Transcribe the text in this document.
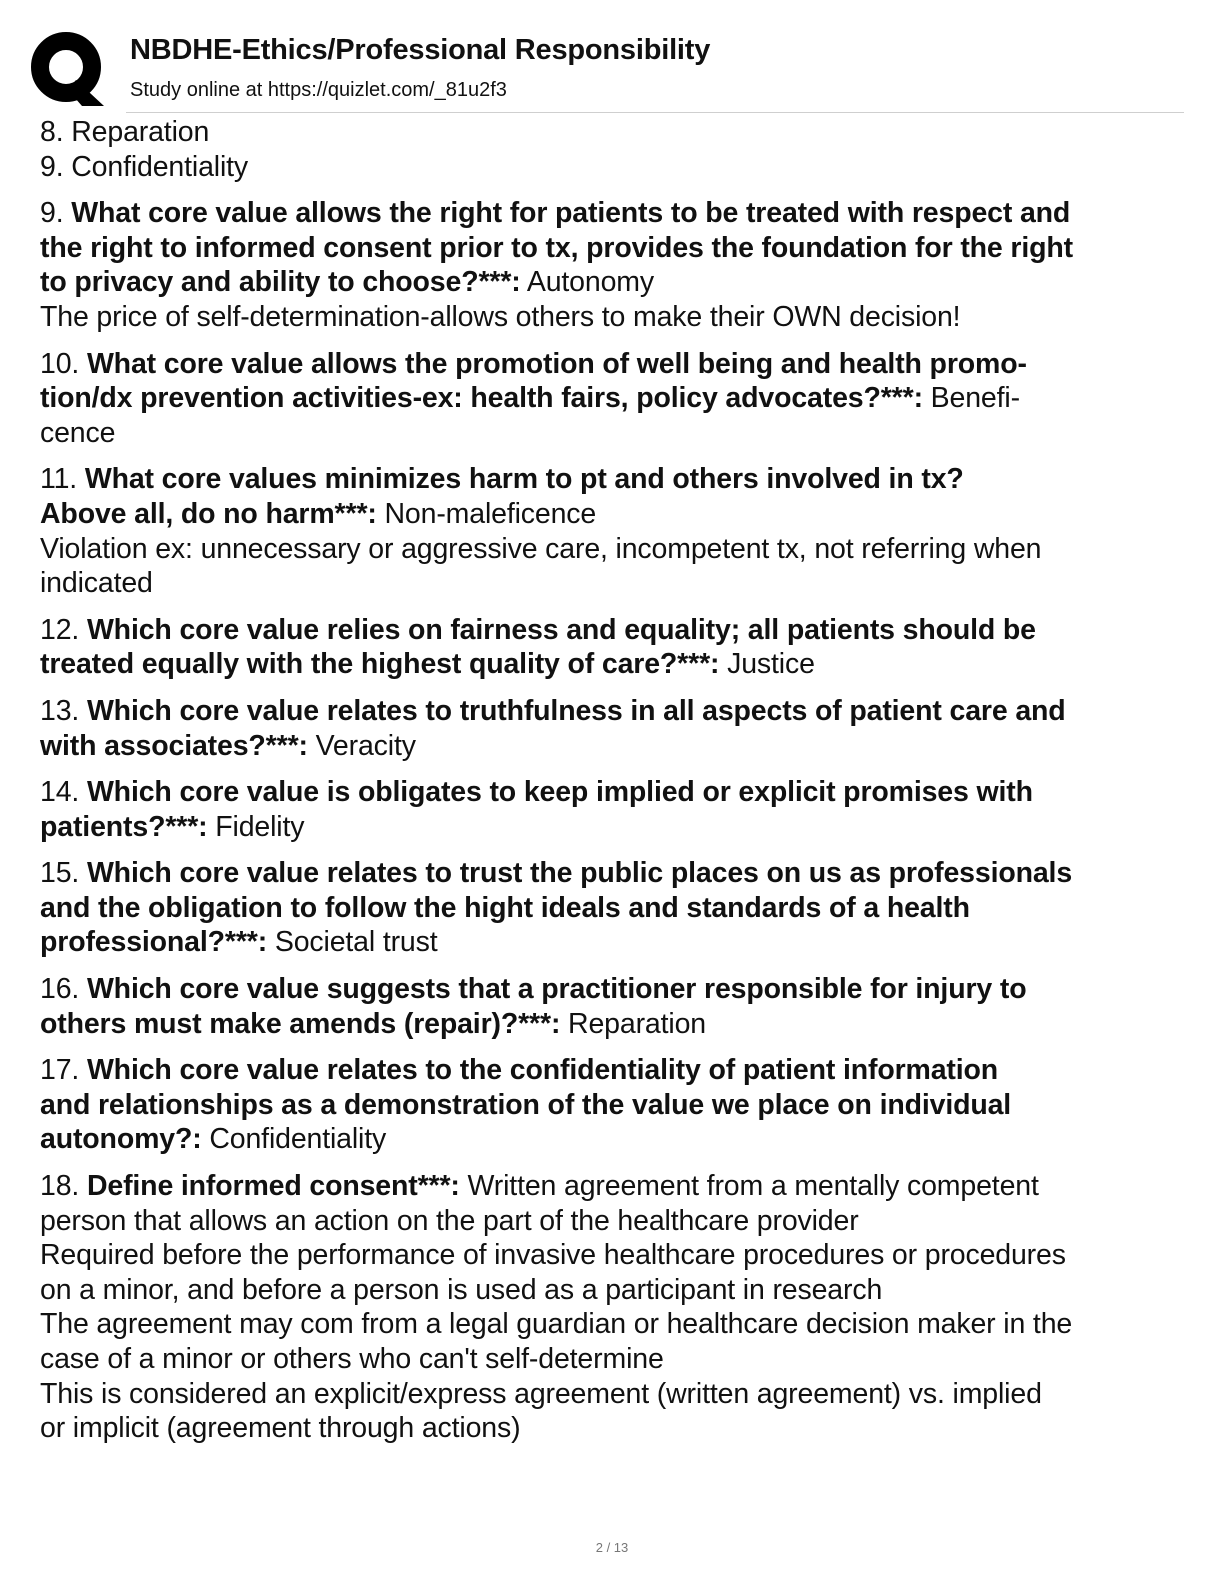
NBDHE-Ethics/Professional Responsibility
Study online at https://quizlet.com/_81u2f3
8. Reparation
9. Confidentiality
9. What core value allows the right for patients to be treated with respect and
the right to informed consent prior to tx, provides the foundation for the right
to privacy and ability to choose?***: Autonomy
The price of self-determination-allows others to make their OWN decision!
10. What core value allows the promotion of well being and health promo-
tion/dx prevention activities-ex: health fairs, policy advocates?***: Benefi-
cence
11. What core values minimizes harm to pt and others involved in tx?
Above all, do no harm***: Non-maleficence
Violation ex: unnecessary or aggressive care, incompetent tx, not referring when
indicated
12. Which core value relies on fairness and equality; all patients should be
treated equally with the highest quality of care?***: Justice
13. Which core value relates to truthfulness in all aspects of patient care and
with associates?***: Veracity
14. Which core value is obligates to keep implied or explicit promises with
patients?***: Fidelity
15. Which core value relates to trust the public places on us as professionals
and the obligation to follow the hight ideals and standards of a health
professional?***: Societal trust
16. Which core value suggests that a practitioner responsible for injury to
others must make amends (repair)?***: Reparation
17. Which core value relates to the confidentiality of patient information
and relationships as a demonstration of the value we place on individual
autonomy?: Confidentiality
18. Define informed consent***: Written agreement from a mentally competent
person that allows an action on the part of the healthcare provider
Required before the performance of invasive healthcare procedures or procedures
on a minor, and before a person is used as a participant in research
The agreement may com from a legal guardian or healthcare decision maker in the
case of a minor or others who can't self-determine
This is considered an explicit/express agreement (written agreement) vs. implied
or implicit (agreement through actions)
2 / 13
